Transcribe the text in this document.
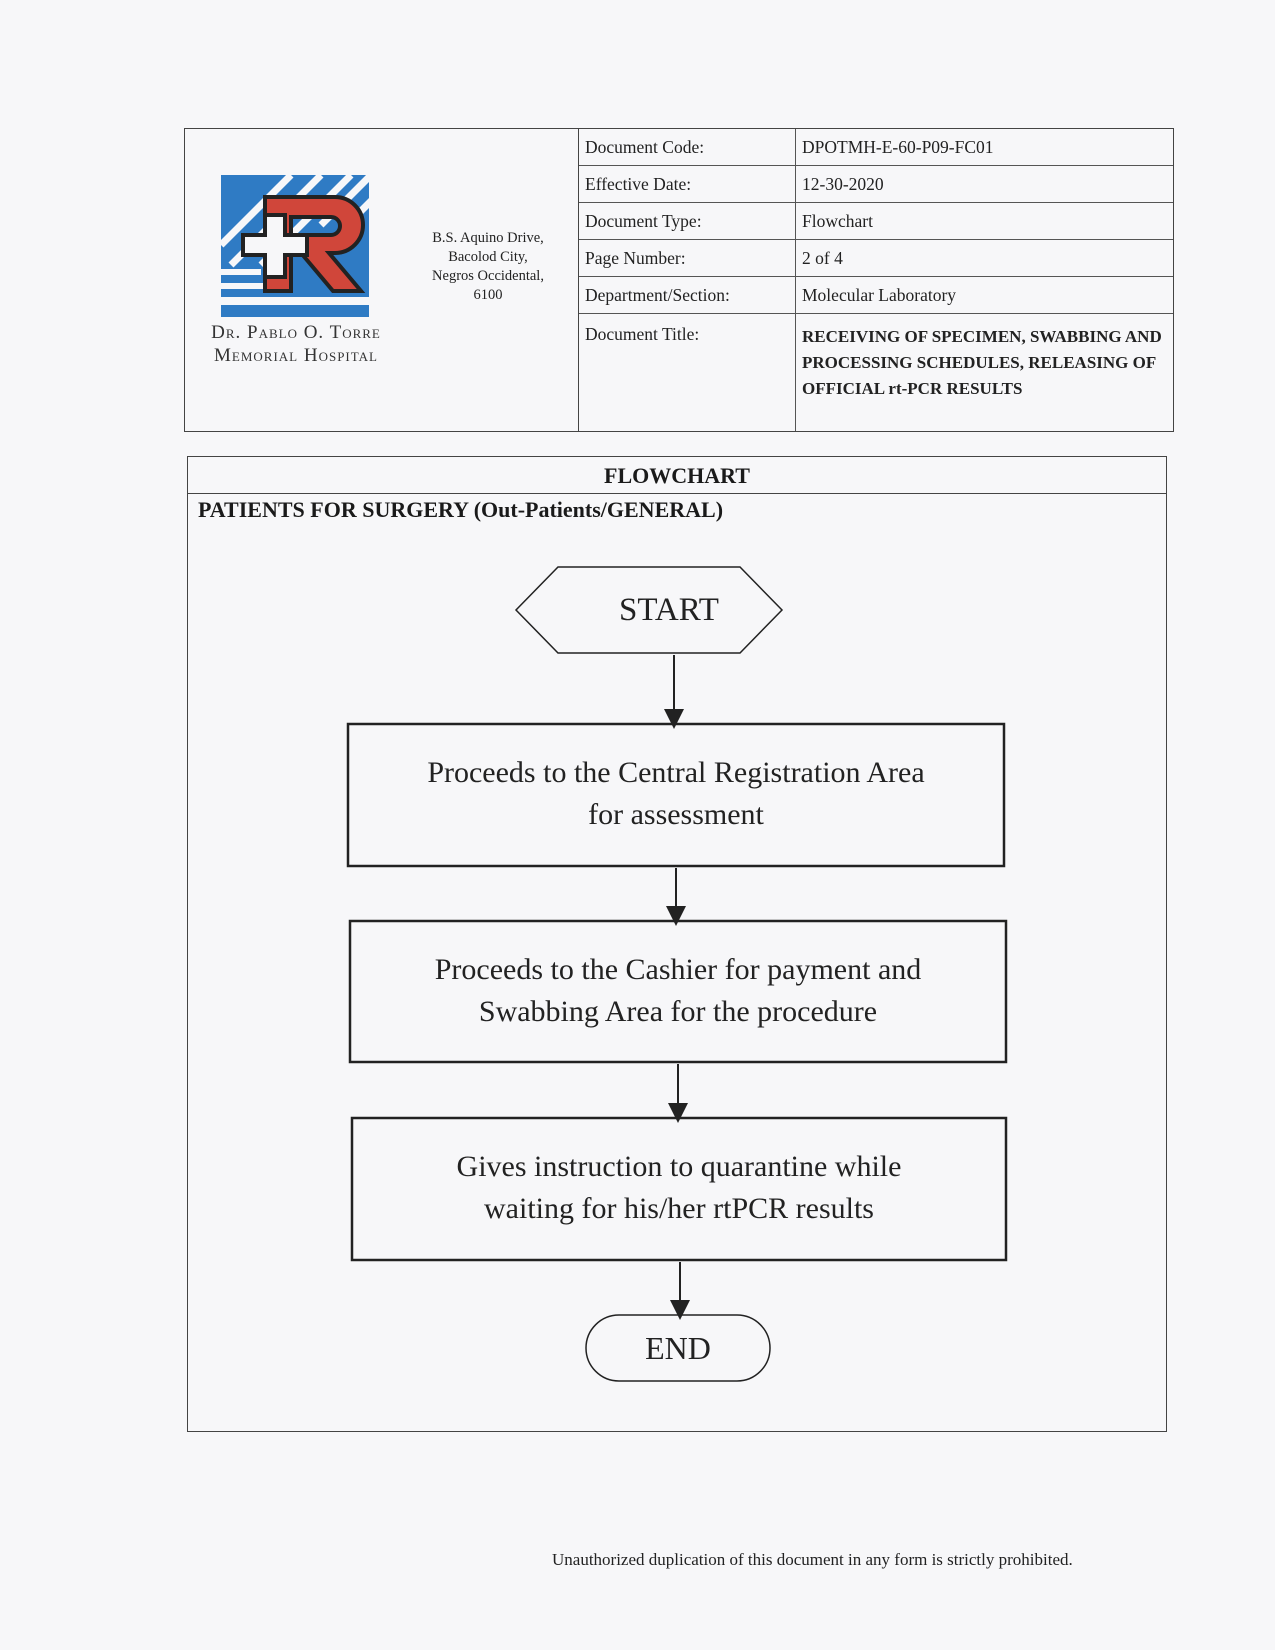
Dr. Pablo O. Torre
Memorial Hospital
B.S. Aquino Drive,
Bacolod City,
Negros Occidental,
6100
Document Code:	DPOTMH-E-60-P09-FC01
Effective Date:	12-30-2020
Document Type:	Flowchart
Page Number:	2 of 4
Department/Section:	Molecular Laboratory
Document Title:	RECEIVING OF SPECIMEN, SWABBING AND PROCESSING SCHEDULES, RELEASING OF OFFICIAL rt-PCR RESULTS
FLOWCHART
PATIENTS FOR SURGERY (Out-Patients/GENERAL)
START
Proceeds to the Central Registration Area
for assessment
Proceeds to the Cashier for payment and
Swabbing Area for the procedure
Gives instruction to quarantine while
waiting for his/her rtPCR results
END
Unauthorized duplication of this document in any form is strictly prohibited.
